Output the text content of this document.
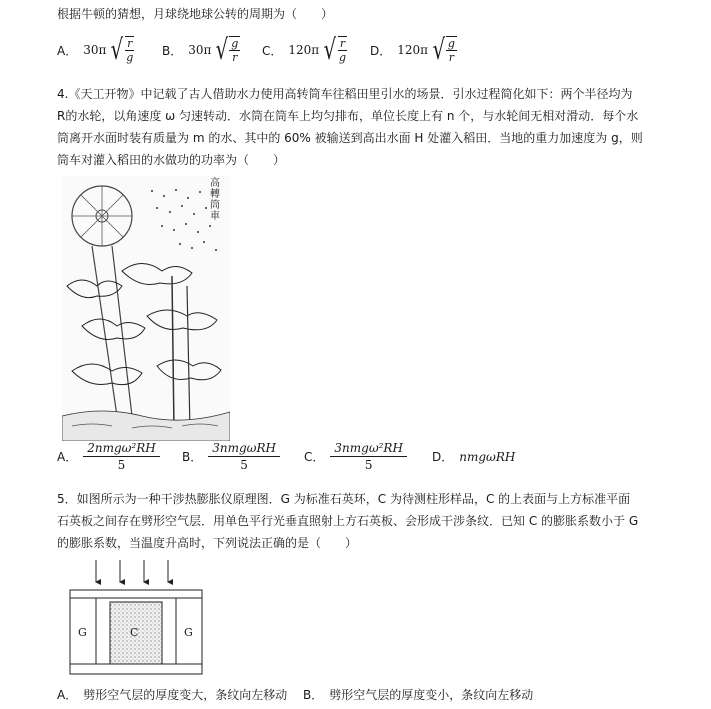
根据牛顿的猜想，月球绕地球公转的周期为（　　）
A． 30π √ $\frac{r}{g}$ B． 30π √ $\frac{g}{r}$ C． 120π √ $\frac{r}{g}$ D． 120π √ $\frac{g}{r}$
4.《天工开物》中记载了古人借助水力使用高转筒车往稻田里引水的场景．引水过程简化如下：两个半径均为
R的水轮，以角速度 ω 匀速转动．水筒在筒车上均匀排布，单位长度上有 n 个，与水轮间无相对滑动．每个水
筒离开水面时装有质量为 m 的水、其中的 60% 被输送到高出水面 H 处灌入稻田．当地的重力加速度为 g，则
筒车对灌入稻田的水做功的功率为（　　）
高轉筒車
A． $\frac{\text{2nmgω²RH}}{5}$ B． $\frac{\text{3nmgωRH}}{5}$ C． $\frac{\text{3nmgω²RH}}{5}$ D． nmgωRH
5．如图所示为一种干涉热膨胀仪原理图．G 为标准石英环，C 为待测柱形样品，C 的上表面与上方标准平面
石英板之间存在劈形空气层．用单色平行光垂直照射上方石英板、会形成干涉条纹．已知 C 的膨胀系数小于 G
的膨胀系数，当温度升高时，下列说法正确的是（　　）
G	C	G
A． 劈形空气层的厚度变大，条纹向左移动 B． 劈形空气层的厚度变小，条纹向左移动
